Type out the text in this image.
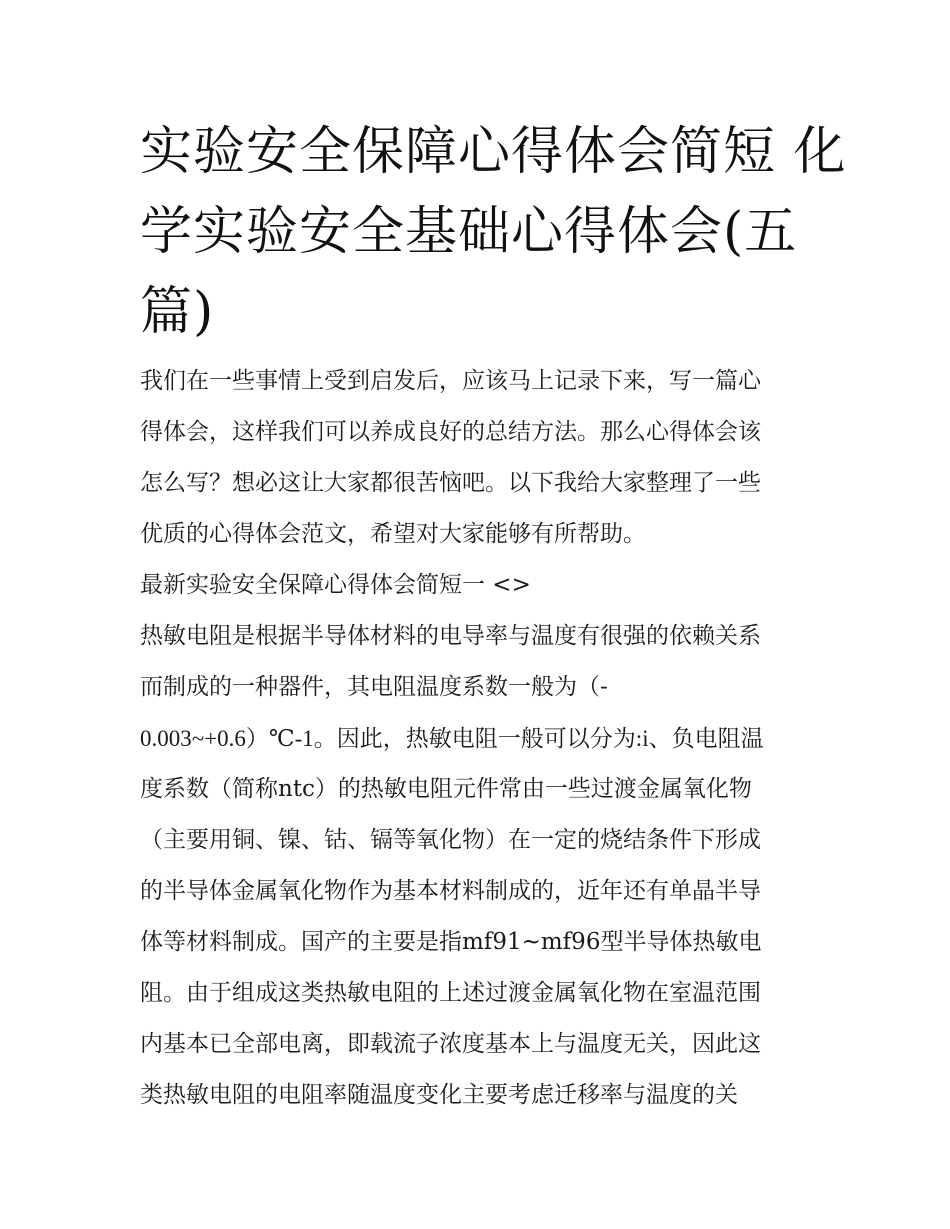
实验安全保障心得体会简短 化
学实验安全基础心得体会(五
篇)
我们在一些事情上受到启发后，应该马上记录下来，写一篇心
得体会，这样我们可以养成良好的总结方法。那么心得体会该
怎么写？想必这让大家都很苦恼吧。以下我给大家整理了一些
优质的心得体会范文，希望对大家能够有所帮助。
最新实验安全保障心得体会简短一 <>
热敏电阻是根据半导体材料的电导率与温度有很强的依赖关系
而制成的一种器件，其电阻温度系数一般为（-
0.003~+0.6）℃-1。因此，热敏电阻一般可以分为:i、负电阻温
度系数（简称ntc）的热敏电阻元件常由一些过渡金属氧化物
（主要用铜、镍、钴、镉等氧化物）在一定的烧结条件下形成
的半导体金属氧化物作为基本材料制成的，近年还有单晶半导
体等材料制成。国产的主要是指mf91~mf96型半导体热敏电
阻。由于组成这类热敏电阻的上述过渡金属氧化物在室温范围
内基本已全部电离，即载流子浓度基本上与温度无关，因此这
类热敏电阻的电阻率随温度变化主要考虑迁移率与温度的关
